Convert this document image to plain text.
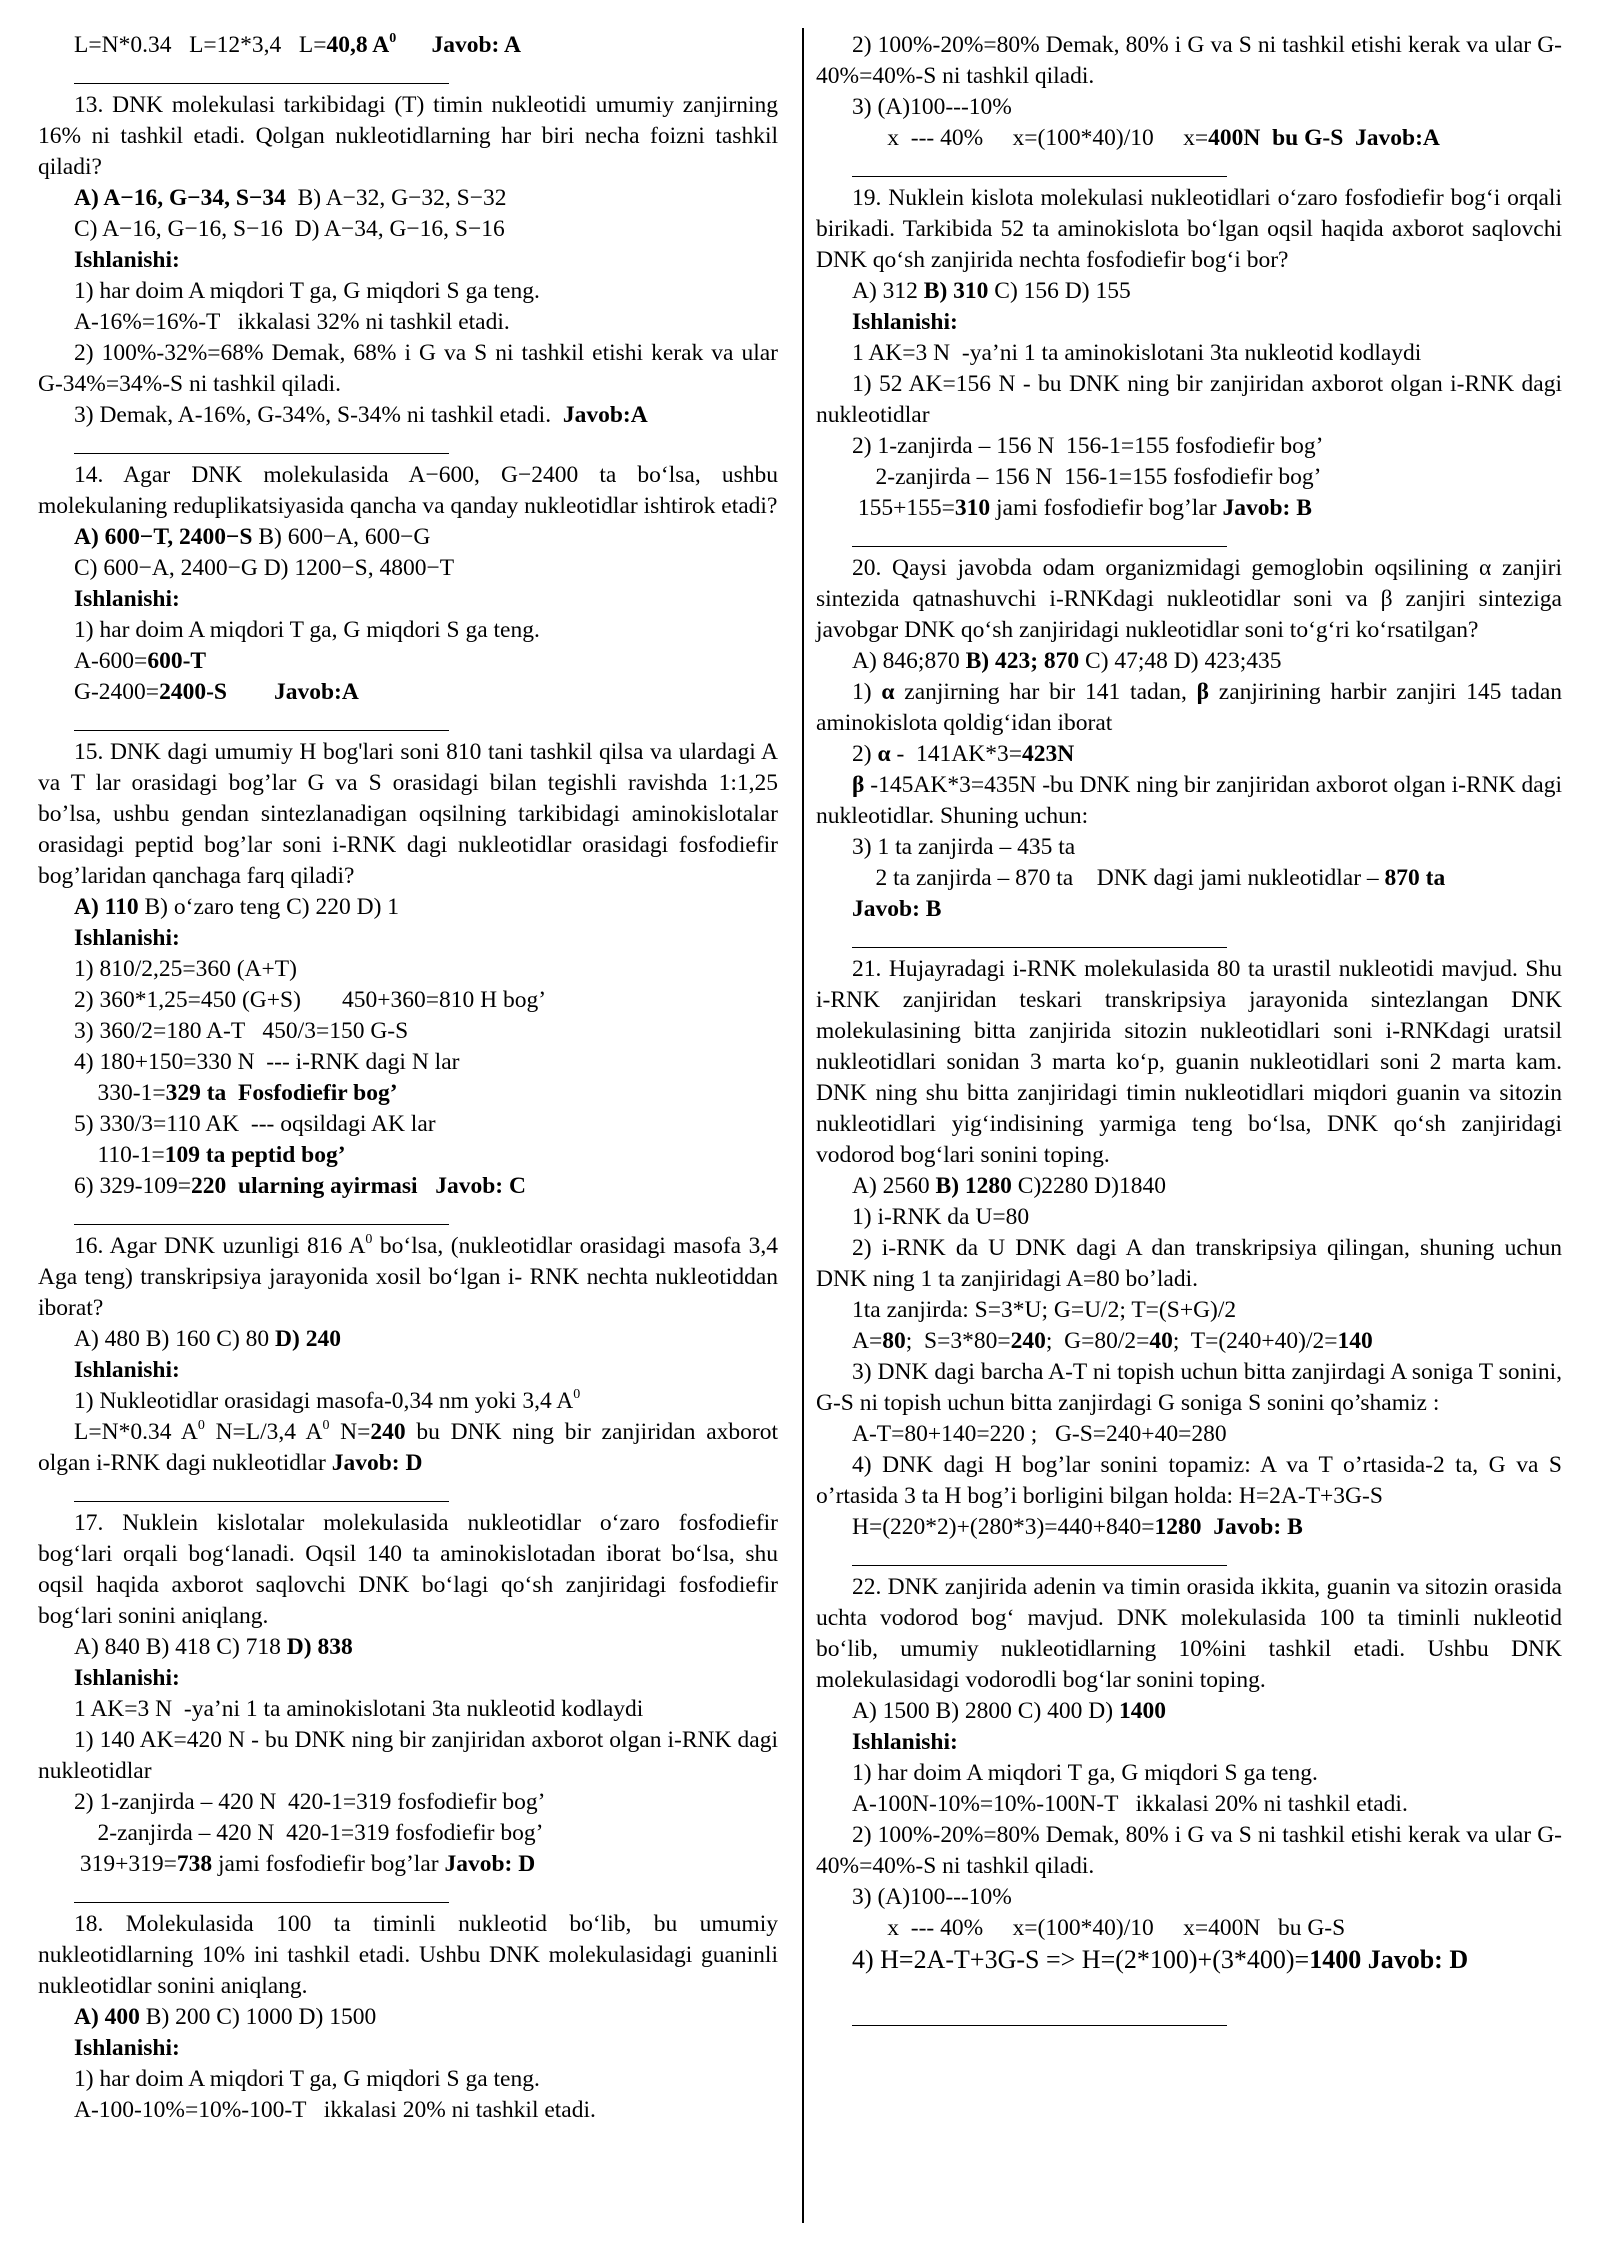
L=N*0.34   L=12*3,4   L=40,8 $A^0$      Javob: A

13. DNK molekulasi tarkibidagi (T) timin nukleotidi umumiy zanjirning 16% ni tashkil etadi. Qolgan nukleotidlarning har biri necha foizni tashkil qiladi?

A) A−16, G−34, S−34  B) A−32, G−32, S−32

C) A−16, G−16, S−16  D) A−34, G−16, S−16

Ishlanishi:

1) har doim A miqdori T ga, G miqdori S ga teng.

A-16%=16%-T   ikkalasi 32% ni tashkil etadi.

2) 100%-32%=68% Demak, 68% i G va S ni tashkil etishi kerak va ular G-34%=34%-S ni tashkil qiladi.

3) Demak, A-16%, G-34%, S-34% ni tashkil etadi.  Javob:A

14. Agar DNK molekulasida A−600, G−2400 ta bo‘lsa, ushbu molekulaning reduplikatsiyasida qancha va qanday nukleotidlar ishtirok etadi?

A) 600−T, 2400−S B) 600−A, 600−G

C) 600−A, 2400−G D) 1200−S, 4800−T

Ishlanishi:

1) har doim A miqdori T ga, G miqdori S ga teng.

A-600=600-T

G-2400=2400-S        Javob:A

15. DNK dagi umumiy H bog'lari soni 810 tani tashkil qilsa va ulardagi A va T lar orasidagi bog’lar G va S orasidagi bilan tegishli ravishda 1:1,25 bo’lsa, ushbu gendan sintezlanadigan oqsilning tarkibidagi aminokislotalar orasidagi peptid bog’lar soni i-RNK dagi nukleotidlar orasidagi fosfodiefir bog’laridan qanchaga farq qiladi?

A) 110 B) o‘zaro teng C) 220 D) 1

Ishlanishi:

1) 810/2,25=360 (A+T)

2) 360*1,25=450 (G+S)       450+360=810 H bog’

3) 360/2=180 A-T   450/3=150 G-S

4) 180+150=330 N  --- i-RNK dagi N lar

330-1=329 ta  Fosfodiefir bog’

5) 330/3=110 AK  --- oqsildagi AK lar

110-1=109 ta peptid bog’

6) 329-109=220  ularning ayirmasi   Javob: C

16. Agar DNK uzunligi 816 $A^0$ bo‘lsa, (nukleotidlar orasidagi masofa 3,4 Aga teng) transkripsiya jarayonida xosil bo‘lgan i- RNK nechta nukleotiddan iborat?

A) 480 B) 160 C) 80 D) 240

Ishlanishi:

1) Nukleotidlar orasidagi masofa-0,34 nm yoki 3,4 $A^0$

L=N*0.34 $A^0$ N=L/3,4 $A^0$ N=240 bu DNK ning bir zanjiridan axborot olgan i-RNK dagi nukleotidlar Javob: D

17. Nuklein kislotalar molekulasida nukleotidlar o‘zaro fosfodiefir bog‘lari orqali bog‘lanadi. Oqsil 140 ta aminokislotadan iborat bo‘lsa, shu oqsil haqida axborot saqlovchi DNK bo‘lagi qo‘sh zanjiridagi fosfodiefir bog‘lari sonini aniqlang.

A) 840 B) 418 C) 718 D) 838

Ishlanishi:

1 AK=3 N  -ya’ni 1 ta aminokislotani 3ta nukleotid kodlaydi

1) 140 AK=420 N - bu DNK ning bir zanjiridan axborot olgan i-RNK dagi nukleotidlar

2) 1-zanjirda – 420 N  420-1=319 fosfodiefir bog’

2-zanjirda – 420 N  420-1=319 fosfodiefir bog’

319+319=738 jami fosfodiefir bog’lar Javob: D

18. Molekulasida 100 ta timinli nukleotid bo‘lib, bu umumiy nukleotidlarning 10% ini tashkil etadi. Ushbu DNK molekulasidagi guaninli nukleotidlar sonini aniqlang.

A) 400 B) 200 C) 1000 D) 1500

Ishlanishi:

1) har doim A miqdori T ga, G miqdori S ga teng.

A-100-10%=10%-100-T   ikkalasi 20% ni tashkil etadi.

2) 100%-20%=80% Demak, 80% i G va S ni tashkil etishi kerak va ular G-40%=40%-S ni tashkil qiladi.

3) (A)100---10%

x  --- 40%     x=(100*40)/10     x=400N  bu G-S  Javob:A

19. Nuklein kislota molekulasi nukleotidlari o‘zaro fosfodiefir bog‘i orqali birikadi. Tarkibida 52 ta aminokislota bo‘lgan oqsil haqida axborot saqlovchi DNK qo‘sh zanjirida nechta fosfodiefir bog‘i bor?

A) 312 B) 310 C) 156 D) 155

Ishlanishi:

1 AK=3 N  -ya’ni 1 ta aminokislotani 3ta nukleotid kodlaydi

1) 52 AK=156 N - bu DNK ning bir zanjiridan axborot olgan i-RNK dagi nukleotidlar

2) 1-zanjirda – 156 N  156-1=155 fosfodiefir bog’

2-zanjirda – 156 N  156-1=155 fosfodiefir bog’

155+155=310 jami fosfodiefir bog’lar Javob: B

20. Qaysi javobda odam organizmidagi gemoglobin oqsilining α zanjiri sintezida qatnashuvchi i-RNKdagi nukleotidlar soni va β zanjiri sinteziga javobgar DNK qo‘sh zanjiridagi nukleotidlar soni to‘g‘ri ko‘rsatilgan?

A) 846;870 B) 423; 870 C) 47;48 D) 423;435

1) α zanjirning har bir 141 tadan, β zanjirining harbir zanjiri 145 tadan aminokislota qoldig‘idan iborat

2) α -  141AK*3=423N

β -145AK*3=435N -bu DNK ning bir zanjiridan axborot olgan i-RNK dagi nukleotidlar. Shuning uchun:

3) 1 ta zanjirda – 435 ta

2 ta zanjirda – 870 ta    DNK dagi jami nukleotidlar – 870 ta

Javob: B

21. Hujayradagi i-RNK molekulasida 80 ta urastil nukleotidi mavjud. Shu i-RNK zanjiridan teskari transkripsiya jarayonida sintezlangan DNK molekulasining bitta zanjirida sitozin nukleotidlari soni i-RNKdagi uratsil nukleotidlari sonidan 3 marta ko‘p, guanin nukleotidlari soni 2 marta kam. DNK ning shu bitta zanjiridagi timin nukleotidlari miqdori guanin va sitozin nukleotidlari yig‘indisining yarmiga teng bo‘lsa, DNK qo‘sh zanjiridagi vodorod bog‘lari sonini toping.

A) 2560 B) 1280 C)2280 D)1840

1) i-RNK da U=80

2) i-RNK da U DNK dagi A dan transkripsiya qilingan, shuning uchun DNK ning 1 ta zanjiridagi A=80 bo’ladi.

1ta zanjirda: S=3*U; G=U/2; T=(S+G)/2

A=80;  S=3*80=240;  G=80/2=40;  T=(240+40)/2=140

3) DNK dagi barcha A-T ni topish uchun bitta zanjirdagi A soniga T sonini, G-S ni topish uchun bitta zanjirdagi G soniga S sonini qo’shamiz :

A-T=80+140=220 ;   G-S=240+40=280

4) DNK dagi H bog’lar sonini topamiz: A va T o’rtasida-2 ta, G va S o’rtasida 3 ta H bog’i borligini bilgan holda: H=2A-T+3G-S

H=(220*2)+(280*3)=440+840=1280  Javob: B

22. DNK zanjirida adenin va timin orasida ikkita, guanin va sitozin orasida uchta vodorod bog‘ mavjud. DNK molekulasida 100 ta timinli nukleotid bo‘lib, umumiy nukleotidlarning 10%ini tashkil etadi. Ushbu DNK molekulasidagi vodorodli bog‘lar sonini toping.

A) 1500 B) 2800 C) 400 D) 1400

Ishlanishi:

1) har doim A miqdori T ga, G miqdori S ga teng.

A-100N-10%=10%-100N-T   ikkalasi 20% ni tashkil etadi.

2) 100%-20%=80% Demak, 80% i G va S ni tashkil etishi kerak va ular G-40%=40%-S ni tashkil qiladi.

3) (A)100---10%

x  --- 40%     x=(100*40)/10     x=400N   bu G-S

4) H=2A-T+3G-S => H=(2*100)+(3*400)=1400 Javob: D
